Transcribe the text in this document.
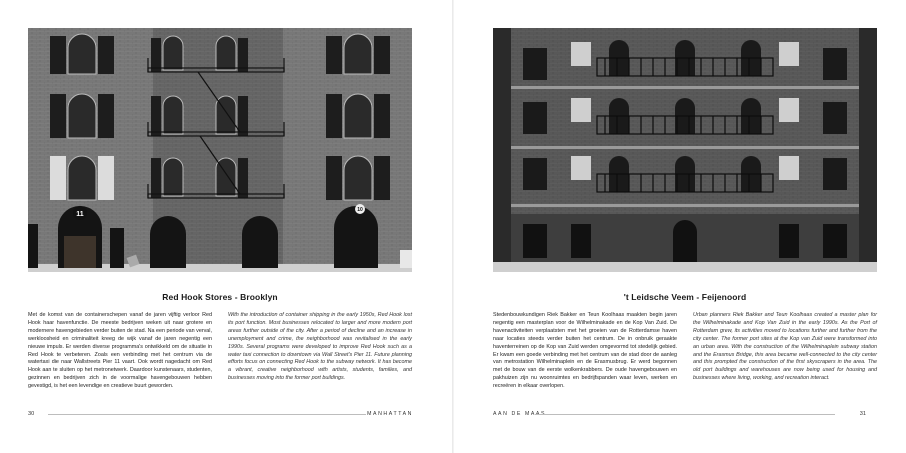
11
10
Red Hook Stores - Brooklyn
Met de komst van de containerschepen vanaf de jaren vijftig verloor Red Hook haar havenfunctie. De meeste bedrijven weken uit naar grotere en modernere havengebieden verder buiten de stad. Na een periode van verval, werkloosheid en criminaliteit kreeg de wijk vanaf de jaren negentig een nieuwe impuls. Er werden diverse programma's ontwikkeld om de situatie in Red Hook te verbeteren. Zoals een verbinding met het centrum via de watertaxi die naar Wallstreets Pier 11 vaart. Ook wordt nagedacht om Red Hook aan te sluiten op het metronetwerk. Daardoor kunstenaars, studenten, gezinnen en bedrijven zich in de voormalige havengebouwen hebben gevestigd, is het een levendige en creatieve buurt geworden.
With the introduction of container shipping in the early 1950s, Red Hook lost its port function. Most businesses relocated to larger and more modern port areas further outside of the city. After a period of decline and an increase in unemployment and crime, the neighborhood was revitalised in the early 1990s. Several programs were developed to improve Red Hook such as a water taxi connection to downtown via Wall Street's Pier 11. Future planning efforts focus on connecting Red Hook to the subway network. It has become a vibrant, creative neighborhood with artists, students, families, and businesses moving into the former port buildings.
30	MANHATTAN
't Leidsche Veem - Feijenoord
Stedenbouwkundigen Riek Bakker en Teun Koolhaas maakten begin jaren negentig een masterplan voor de Wilhelminakade en de Kop Van Zuid. De havenactiviteiten verplaatsten met het groeien van de Rotterdamse haven naar locaties steeds verder buiten het centrum. De in onbruik geraakte haventerreinen op de Kop van Zuid werden omgevormd tot stedelijk gebied. Er kwam een goede verbinding met het centrum van de stad door de aanleg van metrostation Wilhelminaplein en de Erasmusbrug. Er werd begonnen met de bouw van de eerste wolkenkrabbers. De oude havengebouwen en pakhuizen zijn nu woonruimtes en bedrijfspanden waar leven, werken en recreëren in elkaar overlopen.
Urban planners Riek Bakker and Teun Koolhaas created a master plan for the Wilhelminakade and Kop Van Zuid in the early 1990s. As the Port of Rotterdam grew, its activities moved to locations further and further from the city center. The former port sites at the Kop van Zuid were transformed into an urban area. With the construction of the Wilhelminaplein subway station and the Erasmus Bridge, this area became well-connected to the city center and this prompted the construction of the first skyscrapers in the area. The old port buildings and warehouses are now being used for housing and businesses where living, working, and recreation interact.
AAN DE MAAS	31
